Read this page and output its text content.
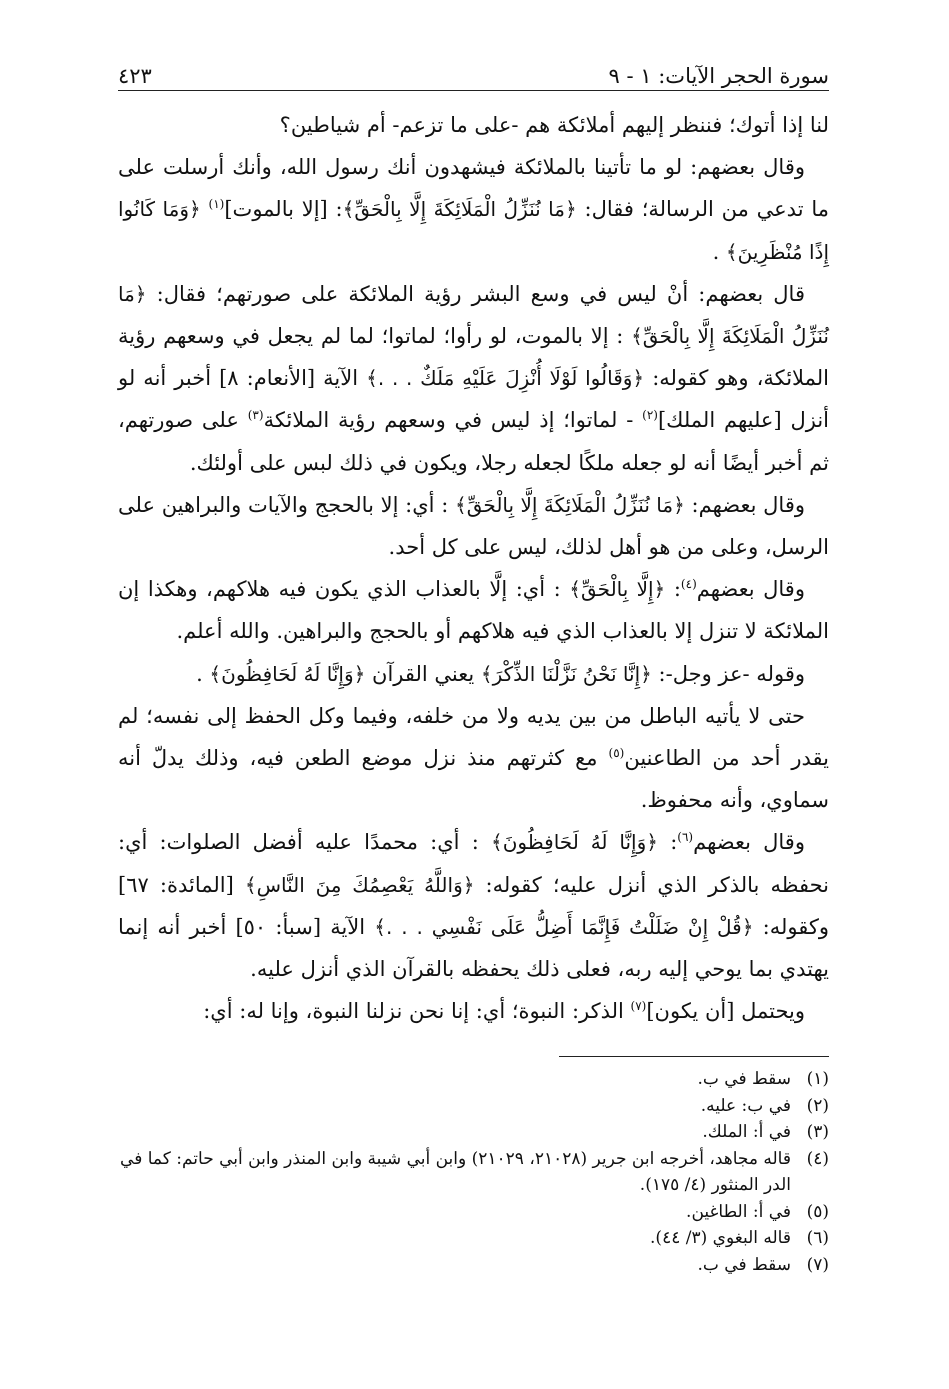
سورة الحجر الآيات: ١ - ٩
٤٢٣

لنا إذا أتوك؛ فننظر إليهم أملائكة هم -على ما تزعم- أم شياطين؟

وقال بعضهم: لو ما تأتينا بالملائكة فيشهدون أنك رسول الله، وأنك أرسلت على ما تدعي من الرسالة؛ فقال: ﴿مَا نُنَزِّلُ الْمَلَائِكَةَ إِلَّا بِالْحَقِّ﴾: [إلا بالموت]$^{(١)}$ ﴿وَمَا كَانُوا إِذًا مُنْظَرِينَ﴾ .

قال بعضهم: أنْ ليس في وسع البشر رؤية الملائكة على صورتهم؛ فقال: ﴿مَا نُنَزِّلُ الْمَلَائِكَةَ إِلَّا بِالْحَقِّ﴾ : إلا بالموت، لو رأوا؛ لماتوا؛ لما لم يجعل في وسعهم رؤية الملائكة، وهو كقوله: ﴿وَقَالُوا لَوْلَا أُنْزِلَ عَلَيْهِ مَلَكٌ . . .﴾ الآية [الأنعام: ٨] أخبر أنه لو أنزل [عليهم الملك]$^{(٢)}$ - لماتوا؛ إذ ليس في وسعهم رؤية الملائكة$^{(٣)}$ على صورتهم، ثم أخبر أيضًا أنه لو جعله ملكًا لجعله رجلا، ويكون في ذلك لبس على أولئك.

وقال بعضهم: ﴿مَا نُنَزِّلُ الْمَلَائِكَةَ إِلَّا بِالْحَقِّ﴾ : أي: إلا بالحجج والآيات والبراهين على الرسل، وعلى من هو أهل لذلك، ليس على كل أحد.

وقال بعضهم$^{(٤)}$: ﴿إِلَّا بِالْحَقِّ﴾ : أي: إلَّا بالعذاب الذي يكون فيه هلاكهم، وهكذا إن الملائكة لا تنزل إلا بالعذاب الذي فيه هلاكهم أو بالحجج والبراهين. والله أعلم.

وقوله -عز وجل-: ﴿إِنَّا نَحْنُ نَزَّلْنَا الذِّكْرَ﴾ يعني القرآن ﴿وَإِنَّا لَهُ لَحَافِظُونَ﴾ .

حتى لا يأتيه الباطل من بين يديه ولا من خلفه، وفيما وكل الحفظ إلى نفسه؛ لم يقدر أحد من الطاعنين$^{(٥)}$ مع كثرتهم منذ نزل موضع الطعن فيه، وذلك يدلّ أنه سماوي، وأنه محفوظ.

وقال بعضهم$^{(٦)}$: ﴿وَإِنَّا لَهُ لَحَافِظُونَ﴾ : أي: محمدًا عليه أفضل الصلوات: أي: نحفظه بالذكر الذي أنزل عليه؛ كقوله: ﴿وَاللَّهُ يَعْصِمُكَ مِنَ النَّاسِ﴾ [المائدة: ٦٧] وكقوله: ﴿قُلْ إِنْ ضَلَلْتُ فَإِنَّمَا أَضِلُّ عَلَى نَفْسِي . . .﴾ الآية [سبأ: ٥٠] أخبر أنه إنما يهتدي بما يوحي إليه ربه، فعلى ذلك يحفظه بالقرآن الذي أنزل عليه.

ويحتمل [أن يكون]$^{(٧)}$ الذكر: النبوة؛ أي: إنا نحن نزلنا النبوة، وإنا له: أي:

(١)
سقط في ب.
(٢)
في ب: عليه.
(٣)
في أ: الملك.
(٤)
قاله مجاهد، أخرجه ابن جرير (٢١٠٢٨، ٢١٠٢٩) وابن أبي شيبة وابن المنذر وابن أبي حاتم: كما في الدر المنثور (٤/ ١٧٥).
(٥)
في أ: الطاغين.
(٦)
قاله البغوي (٣/ ٤٤).
(٧)
سقط في ب.
